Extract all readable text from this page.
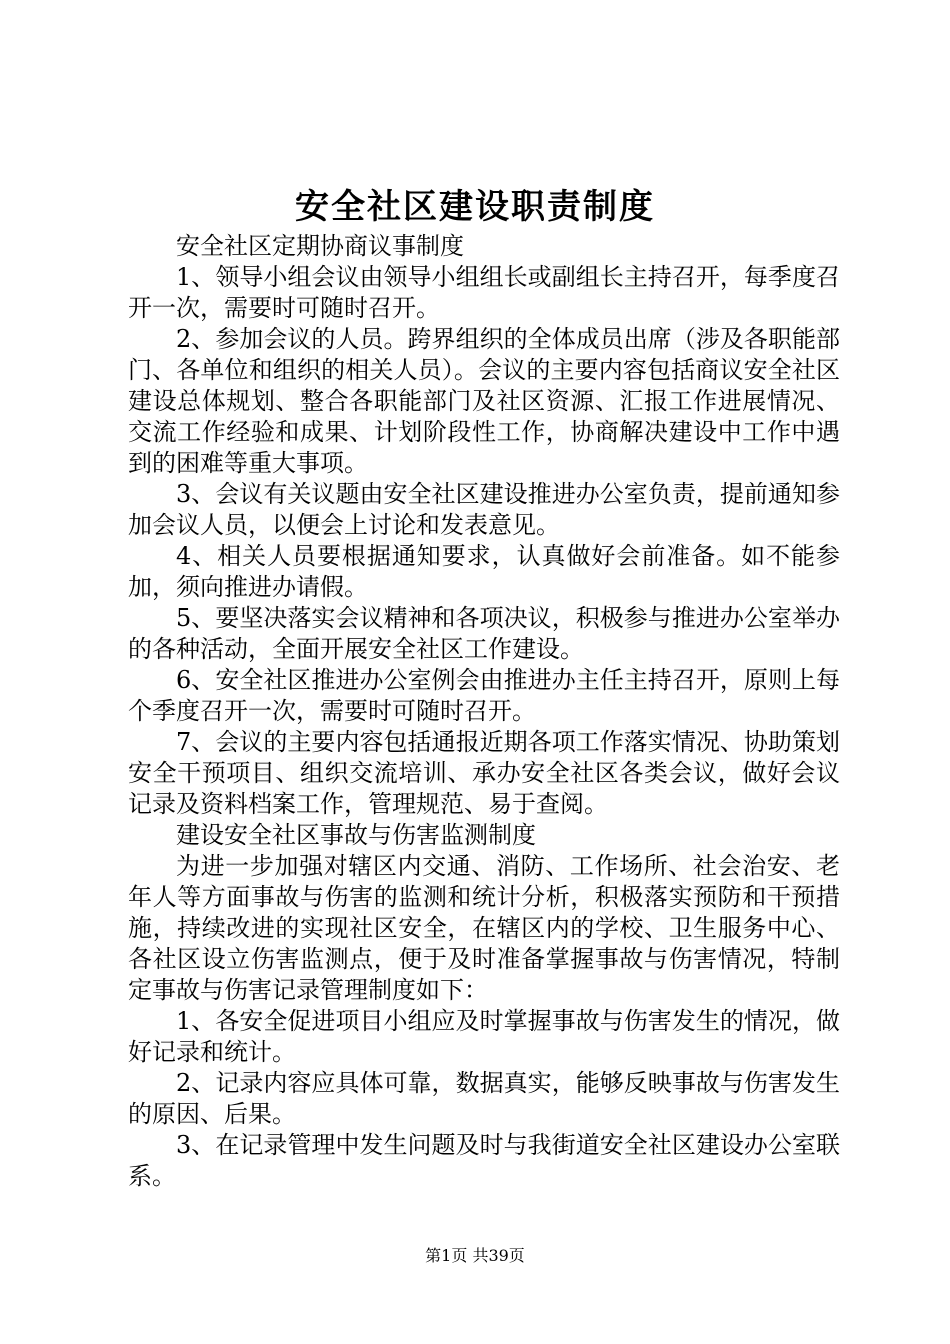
安全社区建设职责制度

安全社区定期协商议事制度

1、领导小组会议由领导小组组长或副组长主持召开，每季度召开一次，需要时可随时召开。

2、参加会议的人员。跨界组织的全体成员出席（涉及各职能部门、各单位和组织的相关人员）。会议的主要内容包括商议安全社区建设总体规划、整合各职能部门及社区资源、汇报工作进展情况、交流工作经验和成果、计划阶段性工作，协商解决建设中工作中遇到的困难等重大事项。

3、会议有关议题由安全社区建设推进办公室负责，提前通知参加会议人员，以便会上讨论和发表意见。

4、相关人员要根据通知要求，认真做好会前准备。如不能参加，须向推进办请假。

5、要坚决落实会议精神和各项决议，积极参与推进办公室举办的各种活动，全面开展安全社区工作建设。

6、安全社区推进办公室例会由推进办主任主持召开，原则上每个季度召开一次，需要时可随时召开。

7、会议的主要内容包括通报近期各项工作落实情况、协助策划安全干预项目、组织交流培训、承办安全社区各类会议，做好会议记录及资料档案工作，管理规范、易于查阅。

建设安全社区事故与伤害监测制度

为进一步加强对辖区内交通、消防、工作场所、社会治安、老年人等方面事故与伤害的监测和统计分析，积极落实预防和干预措施，持续改进的实现社区安全，在辖区内的学校、卫生服务中心、各社区设立伤害监测点，便于及时准备掌握事故与伤害情况，特制定事故与伤害记录管理制度如下：

1、各安全促进项目小组应及时掌握事故与伤害发生的情况，做好记录和统计。

2、记录内容应具体可靠，数据真实，能够反映事故与伤害发生的原因、后果。

3、在记录管理中发生问题及时与我街道安全社区建设办公室联系。

第1页 共39页
